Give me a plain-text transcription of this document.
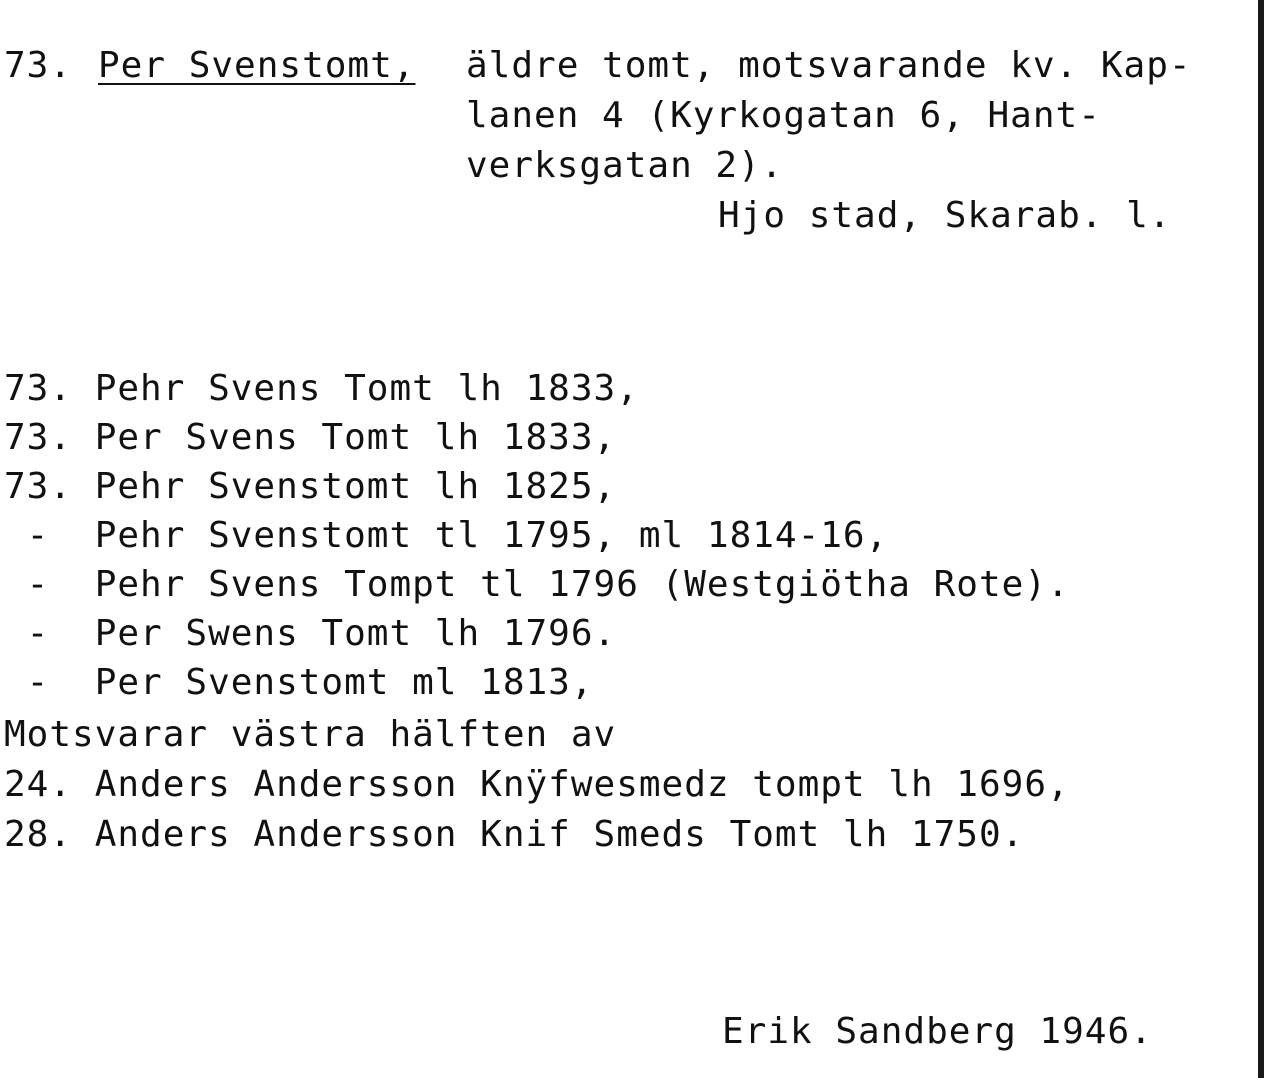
73. Per Svenstomt, äldre tomt, motsvarande kv. Kap-
lanen 4 (Kyrkogatan 6, Hant-
verksgatan 2).
Hjo stad, Skarab. l.
73. Pehr Svens Tomt lh 1833,
73. Per Svens Tomt lh 1833,
73. Pehr Svenstomt lh 1825,
-  Pehr Svenstomt tl 1795, ml 1814-16,
-  Pehr Svens Tompt tl 1796 (Westgiötha Rote).
-  Per Swens Tomt lh 1796.
-  Per Svenstomt ml 1813,
Motsvarar västra hälften av
24. Anders Andersson Knÿfwesmedz tompt lh 1696,
28. Anders Andersson Knif Smeds Tomt lh 1750.
Erik Sandberg 1946.
